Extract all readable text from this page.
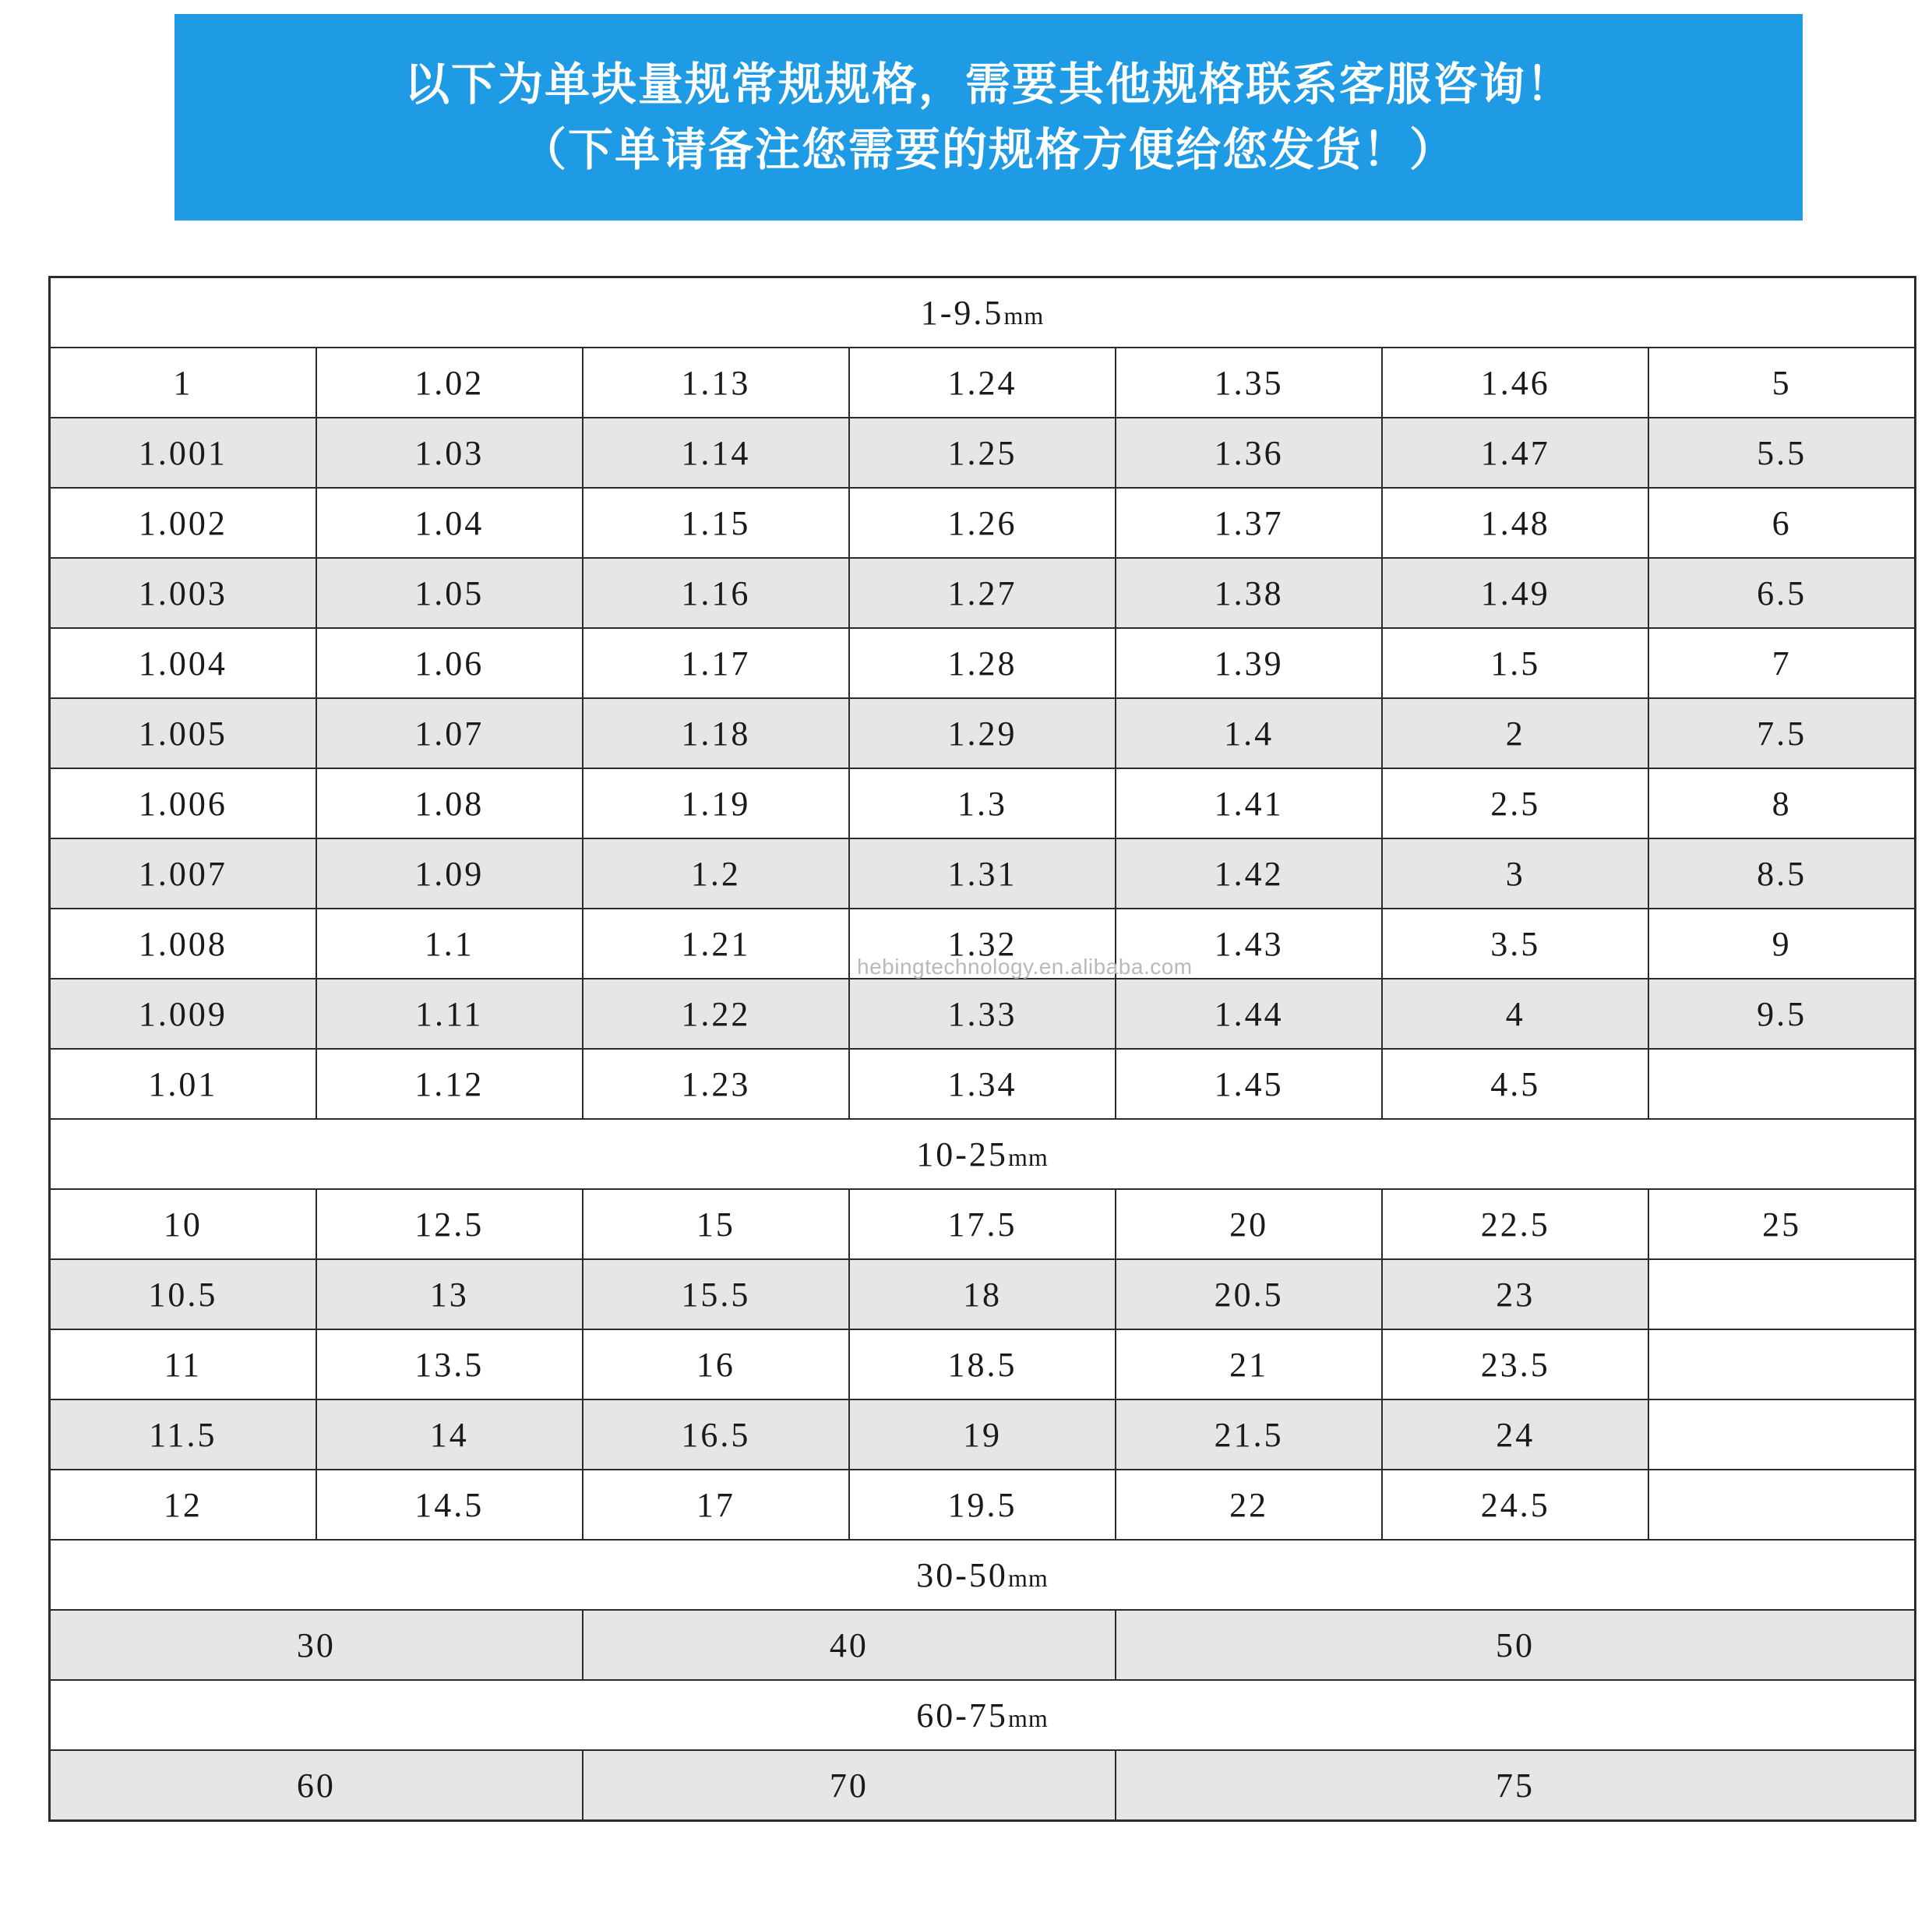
以下为单块量规常规规格，需要其他规格联系客服咨询！
（下单请备注您需要的规格方便给您发货！）
1-9.5mm						
1	1.02	1.13	1.24	1.35	1.46	5
1.001	1.03	1.14	1.25	1.36	1.47	5.5
1.002	1.04	1.15	1.26	1.37	1.48	6
1.003	1.05	1.16	1.27	1.38	1.49	6.5
1.004	1.06	1.17	1.28	1.39	1.5	7
1.005	1.07	1.18	1.29	1.4	2	7.5
1.006	1.08	1.19	1.3	1.41	2.5	8
1.007	1.09	1.2	1.31	1.42	3	8.5
1.008	1.1	1.21	1.32	1.43	3.5	9
1.009	1.11	1.22	1.33	1.44	4	9.5
1.01	1.12	1.23	1.34	1.45	4.5	
10-25mm						
10	12.5	15	17.5	20	22.5	25
10.5	13	15.5	18	20.5	23	
11	13.5	16	18.5	21	23.5	
11.5	14	16.5	19	21.5	24	
12	14.5	17	19.5	22	24.5	
30-50mm						
30		40		50		
60-75mm						
60		70		75		
hebingtechnology.en.alibaba.com
